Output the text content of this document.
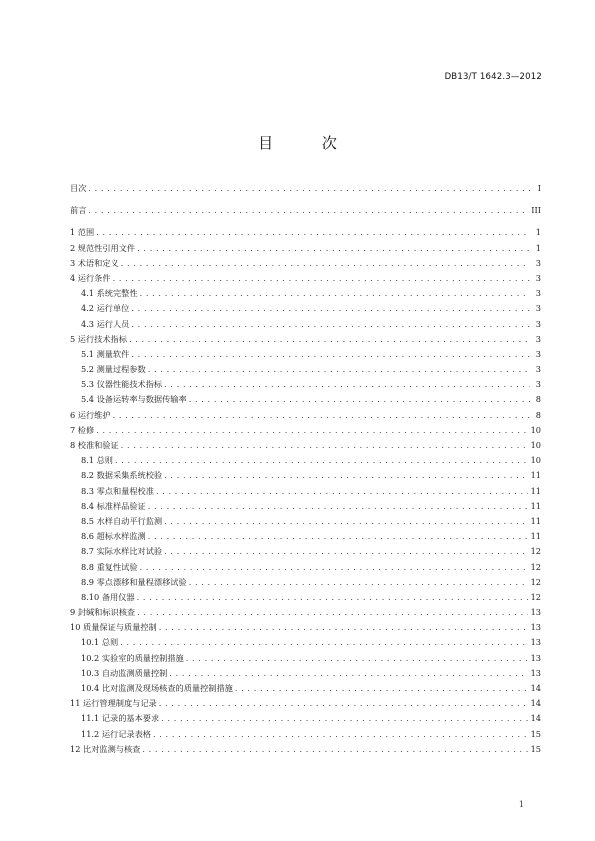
DB13/T 1642.3—2012
目 次
目次 . . .	I
前言 . . .	III
1 范围 . . .	1
2 规范性引用文件 . . .	1
3 术语和定义 . . .	3
4 运行条件 . . .	3
4.1 系统完整性 . . .	3
4.2 运行单位 . . .	3
4.3 运行人员 . . .	3
5 运行技术指标 . . .	3
5.1 测量软件 . . .	3
5.2 测量过程参数 . . .	3
5.3 仪器性能技术指标 . . .	3
5.4 设备运转率与数据传输率 . . .	8
6 运行维护 . . .	8
7 检修 . . .	10
8 校准和验证 . . .	10
8.1 总则 . . .	10
8.2 数据采集系统校验 . . .	11
8.3 零点和量程校准 . . .	11
8.4 标准样品验证 . . .	11
8.5 水样自动平行监测 . . .	11
8.6 超标水样监测 . . .	11
8.7 实际水样比对试验 . . .	12
8.8 重复性试验 . . .	12
8.9 零点漂移和量程漂移试验 . . .	12
8.10 备用仪器 . . .	12
9 封缄和标识核查 . . .	13
10 质量保证与质量控制 . . .	13
10.1 总则 . . .	13
10.2 实验室的质量控制措施 . . .	13
10.3 自动监测质量控制 . . .	13
10.4 比对监测及现场核查的质量控制措施 . . .	14
11 运行管理制度与记录 . . .	14
11.1 记录的基本要求 . . .	14
11.2 运行记录表格 . . .	15
12 比对监测与核查 . . .	15
1
